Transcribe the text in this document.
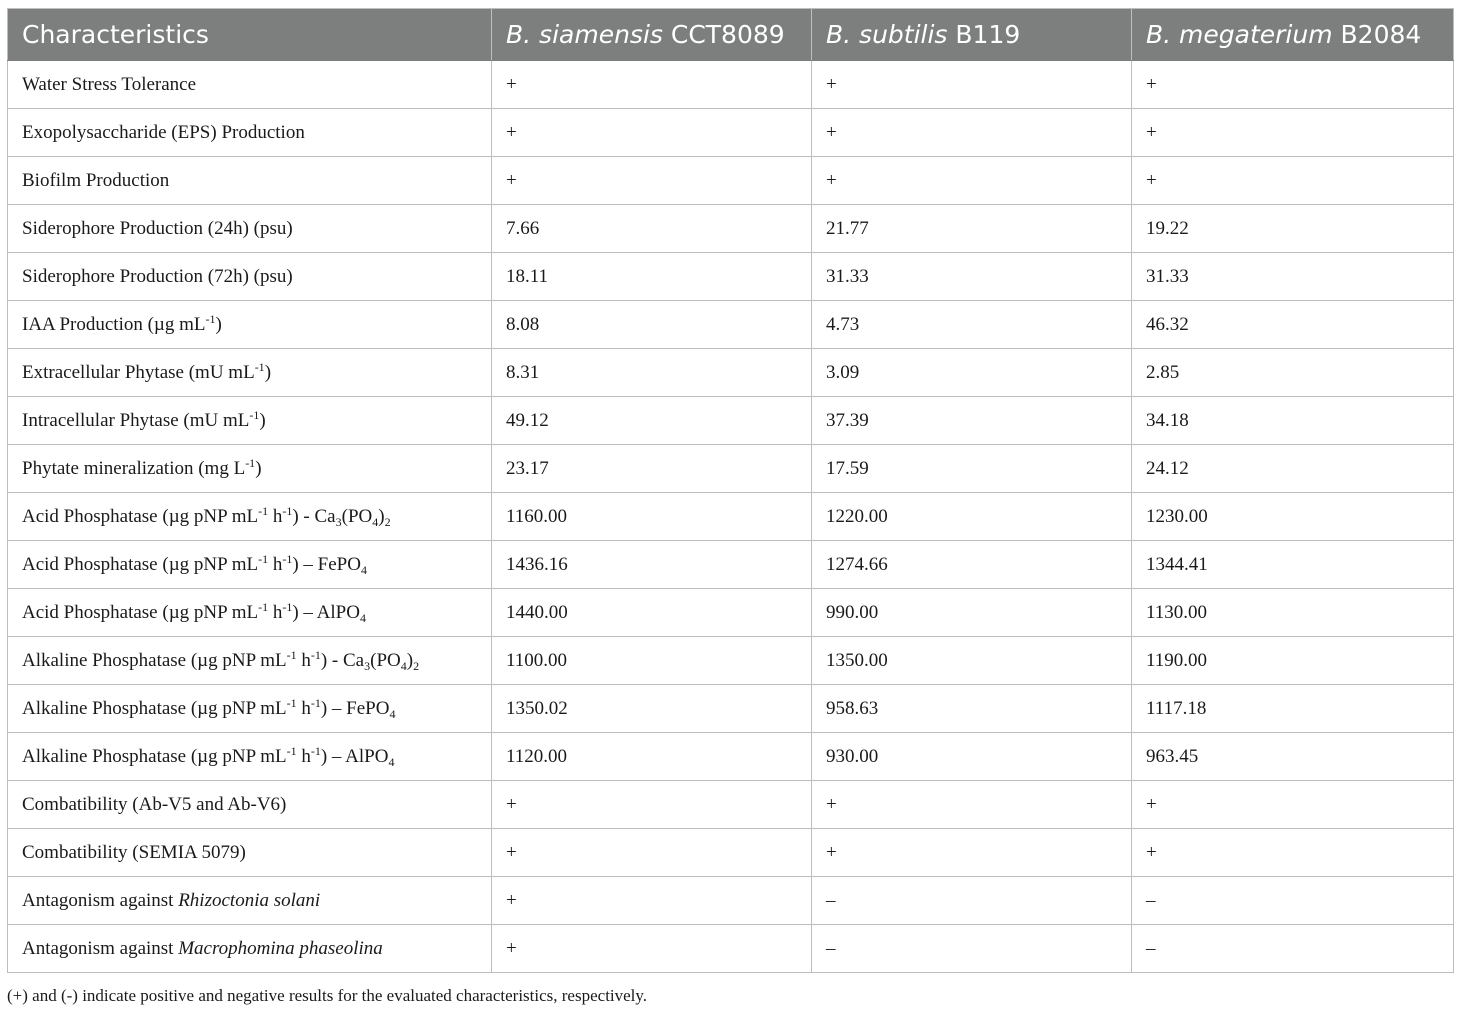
Characteristics	B. siamensis CCT8089	B. subtilis B119	B. megaterium B2084
Water Stress Tolerance	+	+	+
Exopolysaccharide (EPS) Production	+	+	+
Biofilm Production	+	+	+
Siderophore Production (24h) (psu)	7.66	21.77	19.22
Siderophore Production (72h) (psu)	18.11	31.33	31.33
IAA Production (µg $mL^{-1}$)	8.08	4.73	46.32
Extracellular Phytase (mU $mL^{-1}$)	8.31	3.09	2.85
Intracellular Phytase (mU $mL^{-1}$)	49.12	37.39	34.18
Phytate mineralization (mg $L^{-1}$)	23.17	17.59	24.12
Acid Phosphatase (µg pNP $mL^{-1}$ $h^{-1}) - Ca_3(PO_4)_2$	1160.00	1220.00	1230.00
Acid Phosphatase (µg pNP $mL^{-1}$ $h^{-1}$) – FePO$_4$	1436.16	1274.66	1344.41
Acid Phosphatase (µg pNP $mL^{-1}$ $h^{-1}$) – AlPO$_4$	1440.00	990.00	1130.00
Alkaline Phosphatase (µg pNP $mL^{-1}$ $h^{-1}) - Ca_3(PO_4)_2$	1100.00	1350.00	1190.00
Alkaline Phosphatase (µg pNP $mL^{-1}$ $h^{-1}$) – FePO$_4$	1350.02	958.63	1117.18
Alkaline Phosphatase (µg pNP $mL^{-1}$ $h^{-1}$) – AlPO$_4$	1120.00	930.00	963.45
Combatibility (Ab-V5 and Ab-V6)	+	+	+
Combatibility (SEMIA 5079)	+	+	+
Antagonism against Rhizoctonia solani	+	–	–
Antagonism against Macrophomina phaseolina	+	–	–
(+) and (-) indicate positive and negative results for the evaluated characteristics, respectively.
